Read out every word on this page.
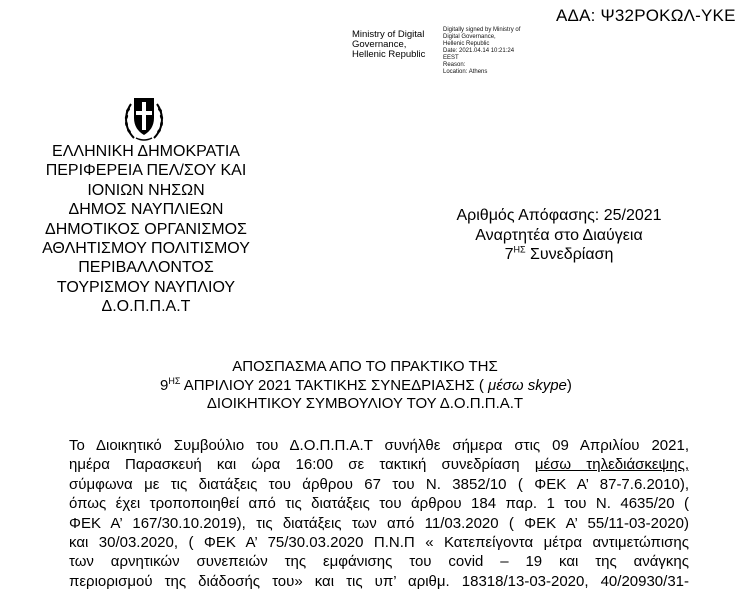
ΑΔΑ: Ψ32ΡΟΚΩΛ-ΥΚΕ
Ministry of Digital
Governance,
Hellenic Republic
Digitally signed by Ministry of
Digital Governance,
Hellenic Republic
Date: 2021.04.14 10:21:24
EEST
Reason:
Location: Athens
ΕΛΛΗΝΙΚΗ ΔΗΜΟΚΡΑΤΙΑ
ΠΕΡΙΦΕΡΕΙΑ ΠΕΛ/ΣΟΥ ΚΑΙ
ΙΟΝΙΩΝ ΝΗΣΩΝ
ΔΗΜΟΣ ΝΑΥΠΛΙΕΩΝ
ΔΗΜΟΤΙΚΟΣ ΟΡΓΑΝΙΣΜΟΣ
ΑΘΛΗΤΙΣΜΟΥ ΠΟΛΙΤΙΣΜΟΥ
ΠΕΡΙΒΑΛΛΟΝΤΟΣ
ΤΟΥΡΙΣΜΟΥ ΝΑΥΠΛΙΟΥ
Δ.Ο.Π.Π.Α.Τ
Αριθμός Απόφασης: 25/2021
Αναρτητέα στο Διαύγεια
$7^{H\Sigma}$ Συνεδρίαση
ΑΠΟΣΠΑΣΜΑ ΑΠΟ ΤΟ ΠΡΑΚΤΙΚΟ ΤΗΣ
$9^{H\Sigma}$ ΑΠΡΙΛΙΟΥ 2021 ΤΑΚΤΙΚΗΣ ΣΥΝΕΔΡΙΑΣΗΣ ( μέσω skype)
ΔΙΟΙΚΗΤΙΚΟΥ ΣΥΜΒΟΥΛΙΟΥ ΤΟΥ Δ.Ο.Π.Π.Α.Τ
Το Διοικητικό Συμβούλιο του Δ.Ο.Π.Π.Α.Τ συνήλθε σήμερα στις 09 Απριλίου 2021,
ημέρα Παρασκευή και ώρα 16:00 σε τακτική συνεδρίαση μέσω τηλεδιάσκεψης,
σύμφωνα με τις διατάξεις του άρθρου 67 του Ν. 3852/10 ( ΦΕΚ Α’ 87-7.6.2010),
όπως έχει τροποποιηθεί από τις διατάξεις του άρθρου 184 παρ. 1 του Ν. 4635/20 (
ΦΕΚ Α’ 167/30.10.2019), τις διατάξεις των από 11/03.2020 ( ΦΕΚ Α’ 55/11-03-2020)
και 30/03.2020, ( ΦΕΚ Α’ 75/30.03.2020 Π.Ν.Π « Κατεπείγοντα μέτρα αντιμετώπισης
των αρνητικών συνεπειών της εμφάνισης του covid – 19 και της ανάγκης
περιορισμού της διάδοσής του» και τις υπ’ αριθμ. 18318/13-03-2020, 40/20930/31-
